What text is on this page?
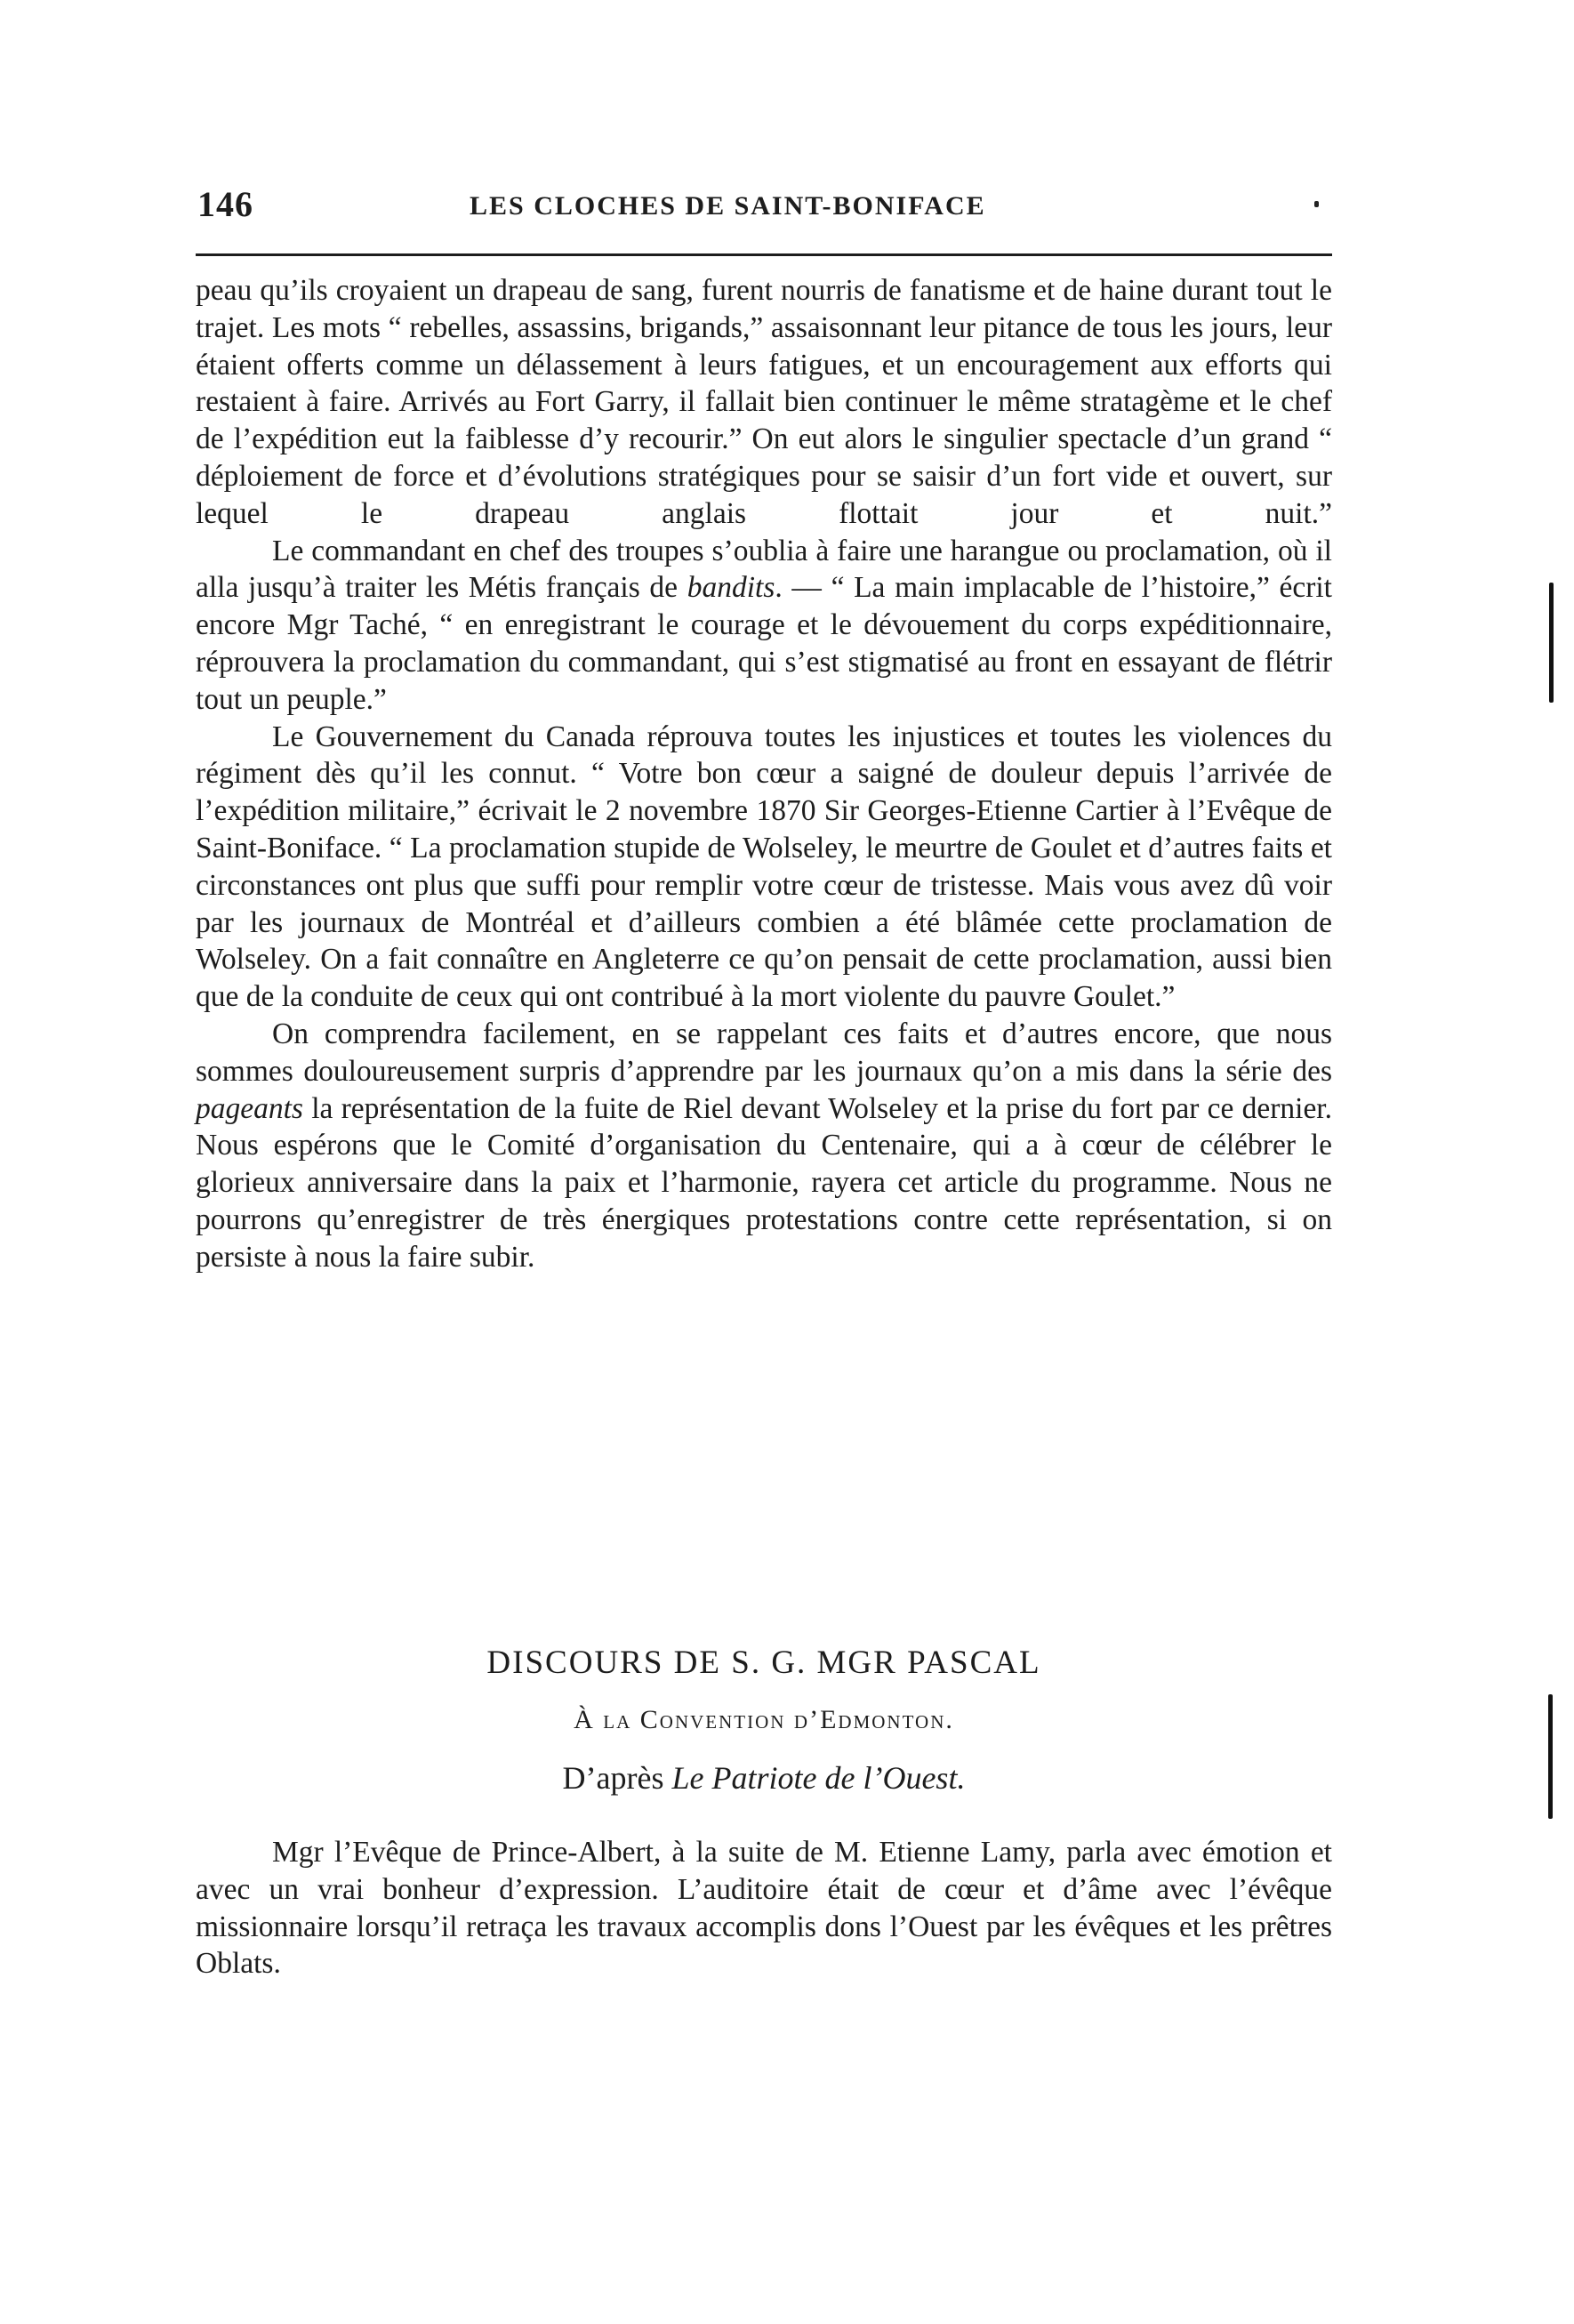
146	LES CLOCHES DE SAINT-BONIFACE

peau qu’ils croyaient un drapeau de sang, furent nourris de fanatisme et de haine durant tout le trajet. Les mots “ rebelles, assassins, brigands,” assaisonnant leur pitance de tous les jours, leur étaient offerts comme un délassement à leurs fatigues, et un encouragement aux efforts qui restaient à faire. Arrivés au Fort Garry, il fallait bien continuer le même stratagème et le chef de l’expédition eut la faiblesse d’y recourir.” On eut alors le singulier spectacle d’un grand “ déploiement de force et d’évolutions stratégiques pour se saisir d’un fort vide et ouvert, sur lequel le drapeau anglais flottait jour et nuit.”

Le commandant en chef des troupes s’oublia à faire une harangue ou proclamation, où il alla jusqu’à traiter les Métis français de bandits. — “ La main implacable de l’histoire,” écrit encore Mgr Taché, “ en enregistrant le courage et le dévouement du corps expéditionnaire, réprouvera la proclamation du commandant, qui s’est stigmatisé au front en essayant de flétrir tout un peuple.”

Le Gouvernement du Canada réprouva toutes les injustices et toutes les violences du régiment dès qu’il les connut. “ Votre bon cœur a saigné de douleur depuis l’arrivée de l’expédition militaire,” écrivait le 2 novembre 1870 Sir Georges-Etienne Cartier à l’Evêque de Saint-Boniface. “ La proclamation stupide de Wolseley, le meurtre de Goulet et d’autres faits et circonstances ont plus que suffi pour remplir votre cœur de tristesse. Mais vous avez dû voir par les journaux de Montréal et d’ailleurs combien a été blâmée cette proclamation de Wolseley. On a fait connaître en Angleterre ce qu’on pensait de cette proclamation, aussi bien que de la conduite de ceux qui ont contribué à la mort violente du pauvre Goulet.”

On comprendra facilement, en se rappelant ces faits et d’autres encore, que nous sommes douloureusement surpris d’apprendre par les journaux qu’on a mis dans la série des pageants la représentation de la fuite de Riel devant Wolseley et la prise du fort par ce dernier. Nous espérons que le Comité d’organisation du Centenaire, qui a à cœur de célébrer le glorieux anniversaire dans la paix et l’harmonie, rayera cet article du programme. Nous ne pourrons qu’enregistrer de très énergiques protestations contre cette représentation, si on persiste à nous la faire subir.

DISCOURS DE S. G. MGR PASCAL
À la Convention d’Edmonton.
D’après Le Patriote de l’Ouest.

Mgr l’Evêque de Prince-Albert, à la suite de M. Etienne Lamy, parla avec émotion et avec un vrai bonheur d’expression. L’auditoire était de cœur et d’âme avec l’évêque missionnaire lorsqu’il retraça les travaux accomplis dons l’Ouest par les évêques et les prêtres Oblats.
